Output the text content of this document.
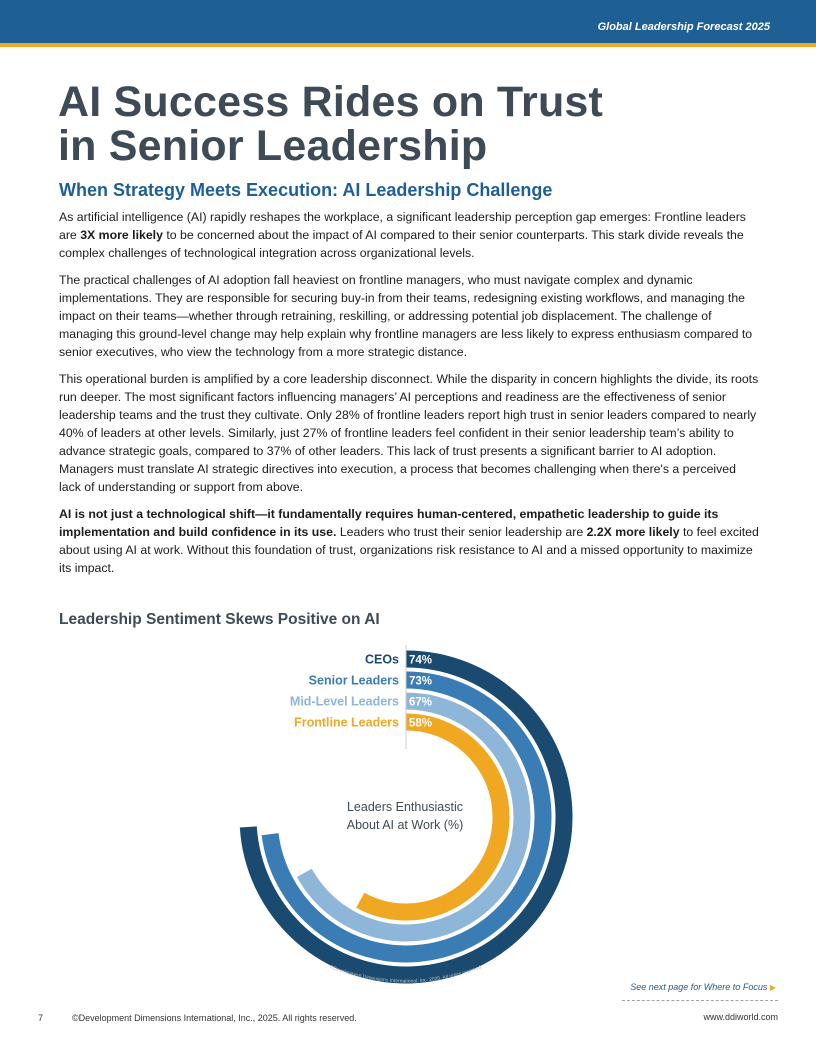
Global Leadership Forecast 2025
AI Success Rides on Trust
in Senior Leadership
When Strategy Meets Execution: AI Leadership Challenge

As artificial intelligence (AI) rapidly reshapes the workplace, a significant leadership perception gap emerges: Frontline leaders are 3X more likely to be concerned about the impact of AI compared to their senior counterparts. This stark divide reveals the complex challenges of technological integration across organizational levels.

The practical challenges of AI adoption fall heaviest on frontline managers, who must navigate complex and dynamic implementations. They are responsible for securing buy-in from their teams, redesigning existing workflows, and managing the impact on their teams—whether through retraining, reskilling, or addressing potential job displacement. The challenge of managing this ground-level change may help explain why frontline managers are less likely to express enthusiasm compared to senior executives, who view the technology from a more strategic distance.

This operational burden is amplified by a core leadership disconnect. While the disparity in concern highlights the divide, its roots run deeper. The most significant factors influencing managers’ AI perceptions and readiness are the effectiveness of senior leadership teams and the trust they cultivate. Only 28% of frontline leaders report high trust in senior leaders compared to nearly 40% of leaders at other levels. Similarly, just 27% of frontline leaders feel confident in their senior leadership team’s ability to advance strategic goals, compared to 37% of other leaders. This lack of trust presents a significant barrier to AI adoption. Managers must translate AI strategic directives into execution, a process that becomes challenging when there's a perceived lack of understanding or support from above.

AI is not just a technological shift—it fundamentally requires human-centered, empathetic leadership to guide its implementation and build confidence in its use. Leaders who trust their senior leadership are 2.2X more likely to feel excited about using AI at work. Without this foundation of trust, organizations risk resistance to AI and a missed opportunity to maximize its impact.

Leadership Sentiment Skews Positive on AI
CEOs 74%
Senior Leaders 73%
Mid-Level Leaders 67%
Frontline Leaders 58%
Leaders Enthusiastic
About AI at Work (%)
©Development Dimensions International, Inc. 2025. All rights reserved.
See next page for Where to Focus ▶
7	©Development Dimensions International, Inc., 2025. All rights reserved.	www.ddiworld.com
